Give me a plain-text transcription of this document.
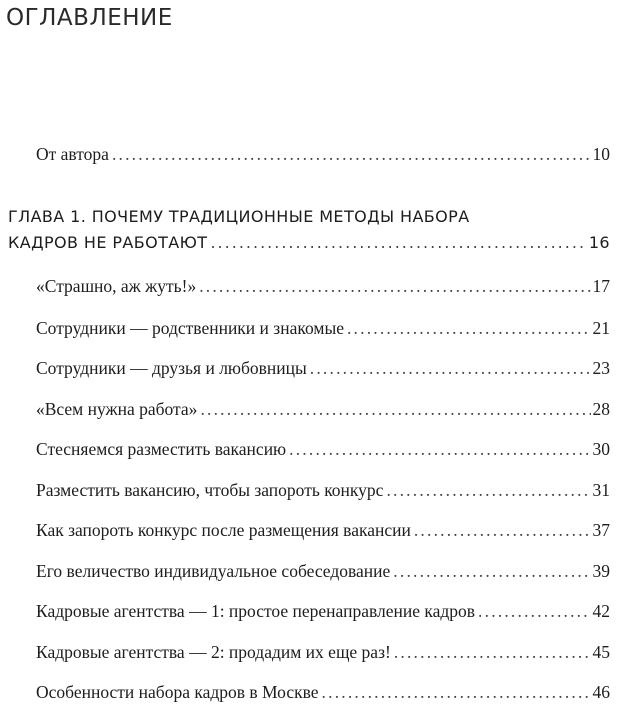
ОГЛАВЛЕНИЕ
От автора .....	10
ГЛАВА 1. ПОЧЕМУ ТРАДИЦИОННЫЕ МЕТОДЫ НАБОРА
КАДРОВ НЕ РАБОТАЮТ .....	16
«Страшно, аж жуть!» .....	17
Сотрудники — родственники и знакомые .....	21
Сотрудники — друзья и любовницы .....	23
«Всем нужна работа» .....	28
Стесняемся разместить вакансию .....	30
Разместить вакансию, чтобы запороть конкурс .....	31
Как запороть конкурс после размещения вакансии .....	37
Его величество индивидуальное собеседование .....	39
Кадровые агентства — 1: простое перенаправление кадров .....	42
Кадровые агентства — 2: продадим их еще раз! .....	45
Особенности набора кадров в Москве .....	46
